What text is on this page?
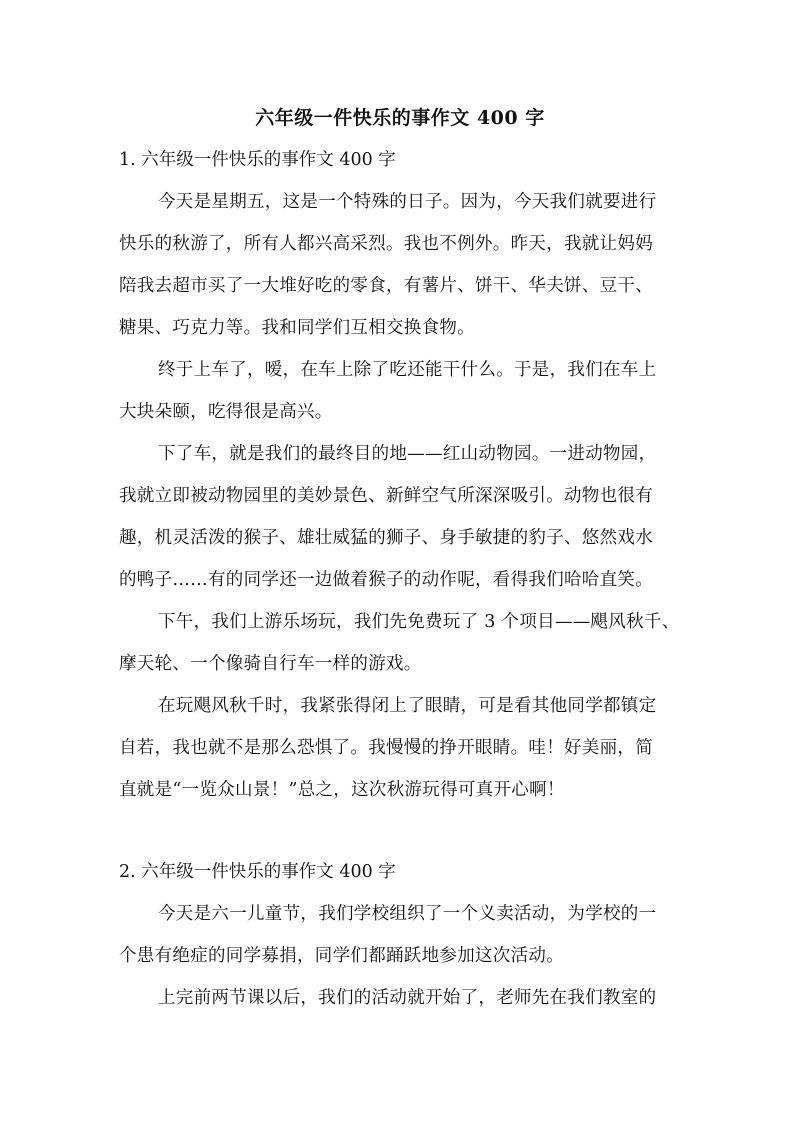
六年级一件快乐的事作文 400 字
1. 六年级一件快乐的事作文 400 字
今天是星期五，这是一个特殊的日子。因为，今天我们就要进行
快乐的秋游了，所有人都兴高采烈。我也不例外。昨天，我就让妈妈
陪我去超市买了一大堆好吃的零食，有薯片、饼干、华夫饼、豆干、
糖果、巧克力等。我和同学们互相交换食物。
终于上车了，嗳，在车上除了吃还能干什么。于是，我们在车上
大块朵颐，吃得很是高兴。
下了车，就是我们的最终目的地——红山动物园。一进动物园，
我就立即被动物园里的美妙景色、新鲜空气所深深吸引。动物也很有
趣，机灵活泼的猴子、雄壮威猛的狮子、身手敏捷的豹子、悠然戏水
的鸭子……有的同学还一边做着猴子的动作呢，看得我们哈哈直笑。
下午，我们上游乐场玩，我们先免费玩了 3 个项目——飓风秋千、
摩天轮、一个像骑自行车一样的游戏。
在玩飓风秋千时，我紧张得闭上了眼睛，可是看其他同学都镇定
自若，我也就不是那么恐惧了。我慢慢的挣开眼睛。哇！好美丽，简
直就是“一览众山景！”总之，这次秋游玩得可真开心啊！
2. 六年级一件快乐的事作文 400 字
今天是六一儿童节，我们学校组织了一个义卖活动，为学校的一
个患有绝症的同学募捐，同学们都踊跃地参加这次活动。
上完前两节课以后，我们的活动就开始了，老师先在我们教室的
